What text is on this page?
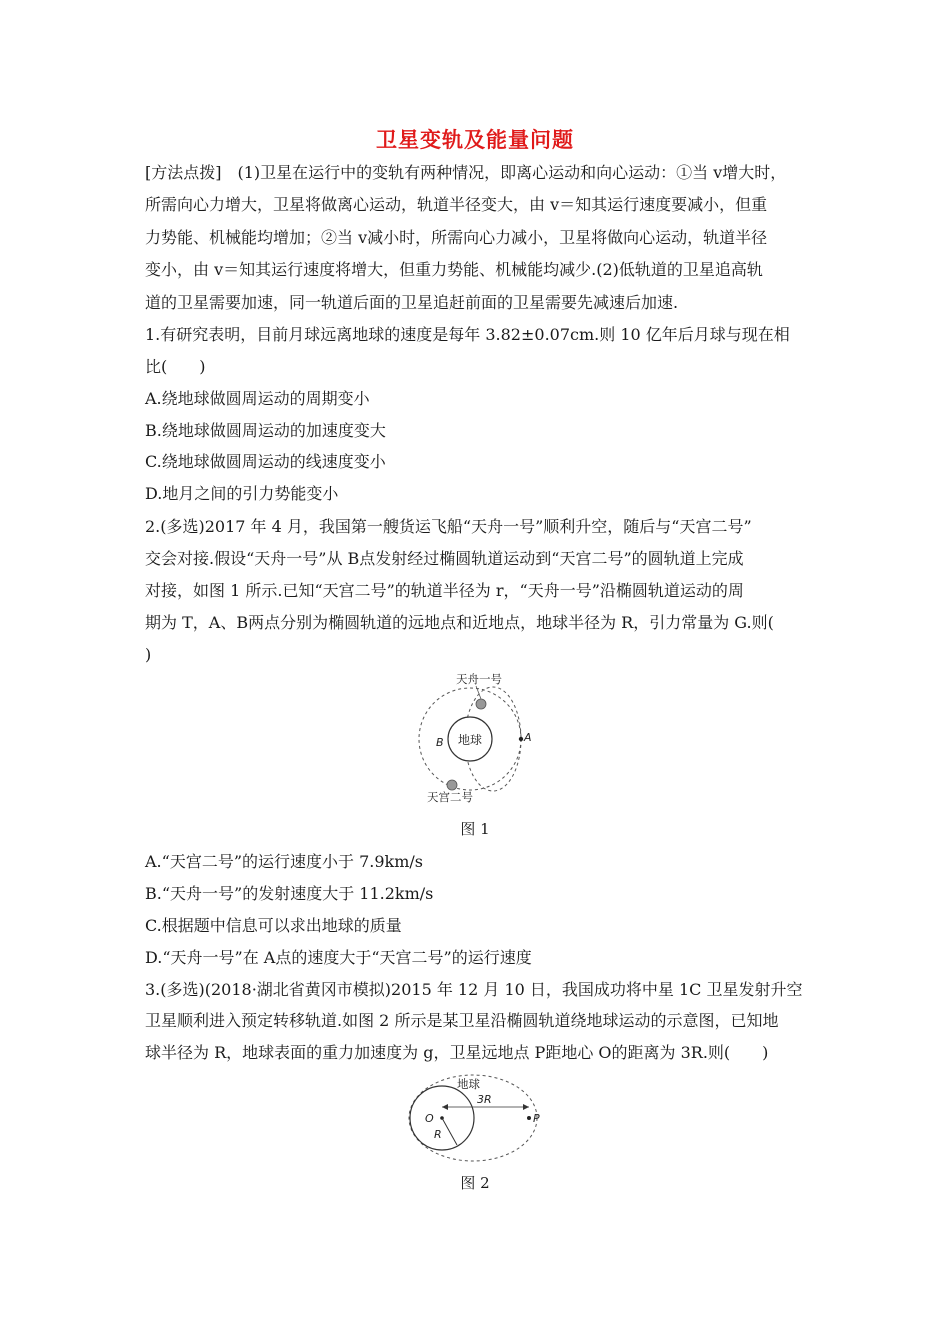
卫星变轨及能量问题
[方法点拨]　(1)卫星在运行中的变轨有两种情况，即离心运动和向心运动：①当 v增大时，
所需向心力增大，卫星将做离心运动，轨道半径变大，由 v＝知其运行速度要减小，但重
力势能、机械能均增加；②当 v减小时，所需向心力减小，卫星将做向心运动，轨道半径
变小，由 v＝知其运行速度将增大，但重力势能、机械能均减少.(2)低轨道的卫星追高轨
道的卫星需要加速，同一轨道后面的卫星追赶前面的卫星需要先减速后加速.
1.有研究表明，目前月球远离地球的速度是每年 3.82±0.07cm.则 10 亿年后月球与现在相
比(　　)
A.绕地球做圆周运动的周期变小
B.绕地球做圆周运动的加速度变大
C.绕地球做圆周运动的线速度变小
D.地月之间的引力势能变小
2.(多选)2017 年 4 月，我国第一艘货运飞船“天舟一号”顺利升空，随后与“天宫二号”
交会对接.假设“天舟一号”从 B点发射经过椭圆轨道运动到“天宫二号”的圆轨道上完成
对接，如图 1 所示.已知“天宫二号”的轨道半径为 r，“天舟一号”沿椭圆轨道运动的周
期为 T，A、B两点分别为椭圆轨道的远地点和近地点，地球半径为 R，引力常量为 G.则(
)
地球
天舟一号
天宫二号
A
B
图 1
A.“天宫二号”的运行速度小于 7.9km/s
B.“天舟一号”的发射速度大于 11.2km/s
C.根据题中信息可以求出地球的质量
D.“天舟一号”在 A点的速度大于“天宫二号”的运行速度
3.(多选)(2018·湖北省黄冈市模拟)2015 年 12 月 10 日，我国成功将中星 1C 卫星发射升空
卫星顺利进入预定转移轨道.如图 2 所示是某卫星沿椭圆轨道绕地球运动的示意图，已知地
球半径为 R，地球表面的重力加速度为 g，卫星远地点 P距地心 O的距离为 3R.则(　　)
地球
O
R
3R
P
图 2
